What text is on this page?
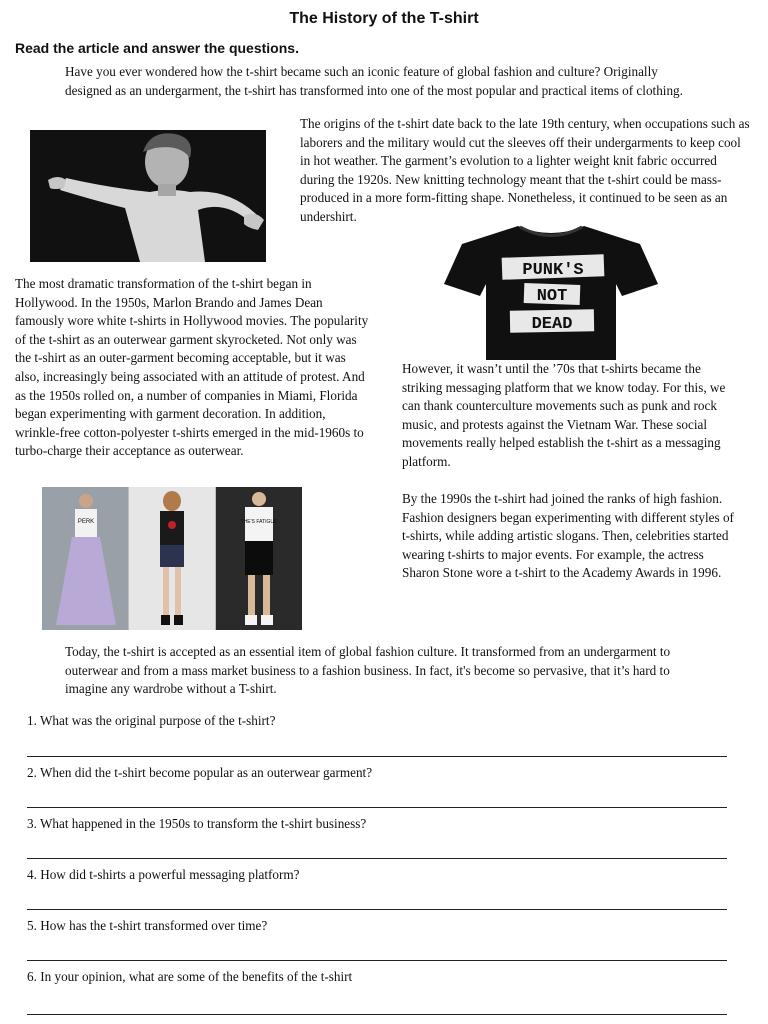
The History of the T-shirt
Read the article and answer the questions.

Have you ever wondered how the t-shirt became such an iconic feature of global fashion and culture? Originally designed as an undergarment, the t-shirt has transformed into one of the most popular and practical items of clothing.

The origins of the t-shirt date back to the late 19th century, when occupations such as laborers and the military would cut the sleeves off their undergarments to keep cool in hot weather. The garment’s evolution to a lighter weight knit fabric occurred during the 1920s. New knitting technology meant that the t-shirt could be mass-produced in a more form-fitting shape. Nonetheless, it continued to be seen as an undershirt.

PUNK'S
NOT
DEAD

The most dramatic transformation of the t-shirt began in Hollywood. In the 1950s, Marlon Brando and James Dean famously wore white t-shirts in Hollywood movies. The popularity of the t-shirt as an outerwear garment skyrocketed. Not only was the t-shirt as an outer-garment becoming acceptable, but it was also, increasingly being associated with an attitude of protest. And as the 1950s rolled on, a number of companies in Miami, Florida began experimenting with garment decoration. In addition, wrinkle-free cotton-polyester t-shirts emerged in the mid-1960s to turbo-charge their acceptance as outerwear.

However, it wasn’t until the ’70s that t-shirts became the striking messaging platform that we know today. For this, we can thank counterculture movements such as punk and rock music, and protests against the Vietnam War. These social movements really helped establish the t-shirt as a messaging platform.

PERK	THE'S FATIGUE

By the 1990s the t-shirt had joined the ranks of high fashion. Fashion designers began experimenting with different styles of t-shirts, while adding artistic slogans. Then, celebrities started wearing t-shirts to major events. For example, the actress Sharon Stone wore a t-shirt to the Academy Awards in 1996.

Today, the t-shirt is accepted as an essential item of global fashion culture. It transformed from an undergarment to outerwear and from a mass market business to a fashion business. In fact, it's become so pervasive, that it’s hard to imagine any wardrobe without a T-shirt.

1. What was the original purpose of the t-shirt?
2. When did the t-shirt become popular as an outerwear garment?
3. What happened in the 1950s to transform the t-shirt business?
4. How did t-shirts a powerful messaging platform?
5. How has the t-shirt transformed over time?
6. In your opinion, what are some of the benefits of the t-shirt
